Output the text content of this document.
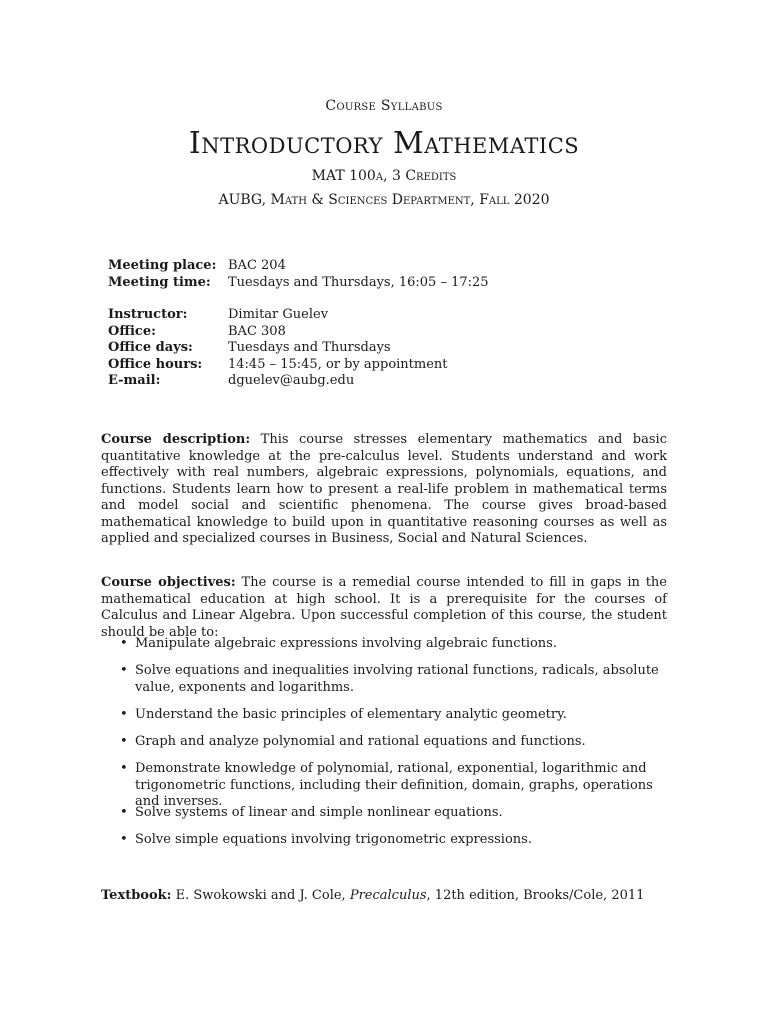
Course Syllabus
Introductory Mathematics
MAT 100a, 3 Credits
AUBG, Math & Sciences Department, Fall 2020
Meeting place: BAC 204
Meeting time:	Tuesdays and Thursdays, 16:05 – 17:25
Instructor:	Dimitar Guelev
Office:	BAC 308
Office days:	Tuesdays and Thursdays
Office hours:	14:45 – 15:45, or by appointment
E-mail:	dguelev@aubg.edu
Course description: This course stresses elementary mathematics and basic quantitative knowledge at the pre-calculus level. Students understand and work effectively with real numbers, algebraic expressions, polynomials, equations, and functions. Students learn how to present a real-life problem in mathematical terms and model social and scientific phenomena. The course gives broad-based mathematical knowledge to build upon in quantitative reasoning courses as well as applied and specialized courses in Business, Social and Natural Sciences.
Course objectives: The course is a remedial course intended to fill in gaps in the mathematical education at high school. It is a prerequisite for the courses of Calculus and Linear Algebra. Upon successful completion of this course, the student should be able to:
• Manipulate algebraic expressions involving algebraic functions.
• Solve equations and inequalities involving rational functions, radicals, absolute value, exponents and logarithms.
• Understand the basic principles of elementary analytic geometry.
• Graph and analyze polynomial and rational equations and functions.
• Demonstrate knowledge of polynomial, rational, exponential, logarithmic and trigonometric functions, including their definition, domain, graphs, operations and inverses.
• Solve systems of linear and simple nonlinear equations.
• Solve simple equations involving trigonometric expressions.
Textbook: E. Swokowski and J. Cole, Precalculus, 12th edition, Brooks/Cole, 2011
